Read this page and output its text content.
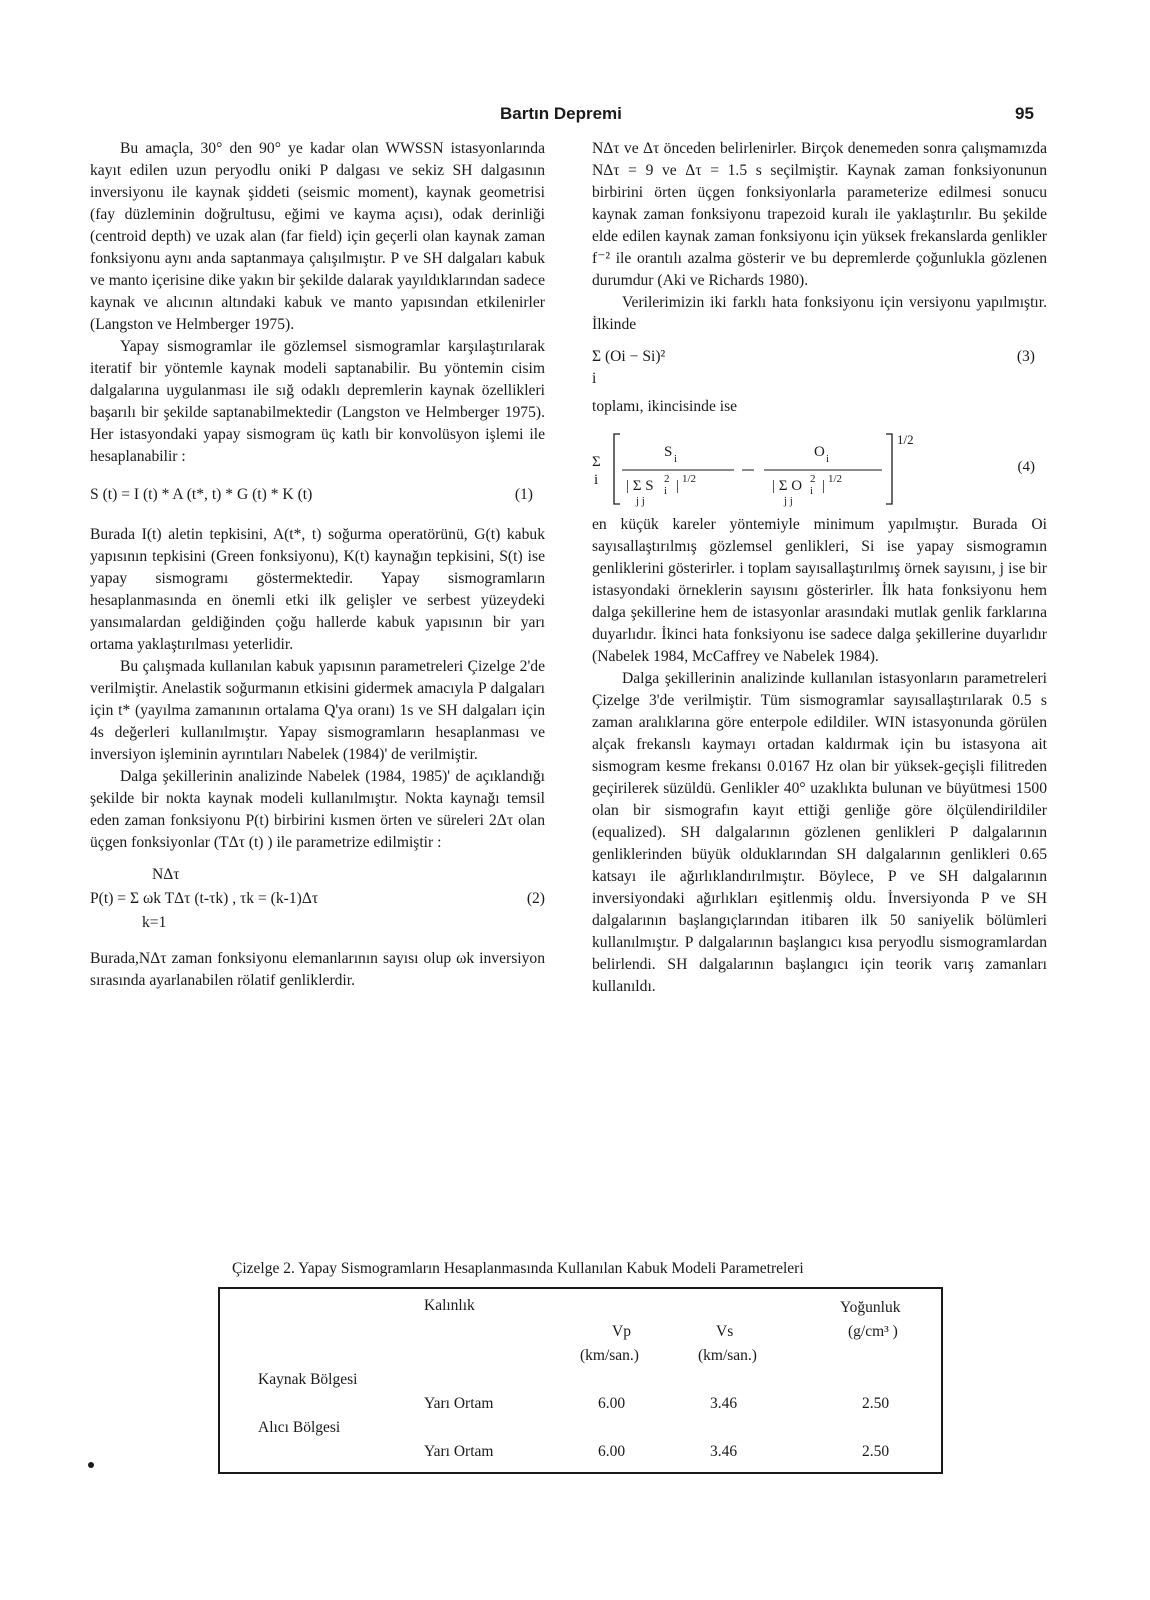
Bartın Depremi	95

Bu amaçla, 30° den 90° ye kadar olan WWSSN istasyonlarında kayıt edilen uzun peryodlu oniki P dalgası ve sekiz SH dalgasının inversiyonu ile kaynak şiddeti (seismic moment), kaynak geometrisi (fay düzleminin doğrultusu, eğimi ve kayma açısı), odak derinliği (centroid depth) ve uzak alan (far field) için geçerli olan kaynak zaman fonksiyonu aynı anda saptanmaya çalışılmıştır. P ve SH dalgaları kabuk ve manto içerisine dike yakın bir şekilde dalarak yayıldıklarından sadece kaynak ve alıcının altındaki kabuk ve manto yapısından etkilenirler (Langston ve Helmberger 1975).

Yapay sismogramlar ile gözlemsel sismogramlar karşılaştırılarak iteratif bir yöntemle kaynak modeli saptanabilir. Bu yöntemin cisim dalgalarına uygulanması ile sığ odaklı depremlerin kaynak özellikleri başarılı bir şekilde saptanabilmektedir (Langston ve Helmberger 1975). Her istasyondaki yapay sismogram üç katlı bir konvolüsyon işlemi ile hesaplanabilir :

S (t) = I (t) * A (t*, t) * G (t) * K (t)	(1)

Burada I(t) aletin tepkisini, A(t*, t) soğurma operatörünü, G(t) kabuk yapısının tepkisini (Green fonksiyonu), K(t) kaynağın tepkisini, S(t) ise yapay sismogramı göstermektedir. Yapay sismogramların hesaplanmasında en önemli etki ilk gelişler ve serbest yüzeydeki yansımalardan geldiğinden çoğu hallerde kabuk yapısının bir yarı ortama yaklaştırılması yeterlidir.

Bu çalışmada kullanılan kabuk yapısının parametreleri Çizelge 2'de verilmiştir. Anelastik soğurmanın etkisini gidermek amacıyla P dalgaları için t* (yayılma zamanının ortalama Q'ya oranı) 1s ve SH dalgaları için 4s değerleri kullanılmıştır. Yapay sismogramların hesaplanması ve inversiyon işleminin ayrıntıları Nabelek (1984)' de verilmiştir.

Dalga şekillerinin analizinde Nabelek (1984, 1985)' de açıklandığı şekilde bir nokta kaynak modeli kullanılmıştır. Nokta kaynağı temsil eden zaman fonksiyonu P(t) birbirini kısmen örten ve süreleri 2Δτ olan üçgen fonksiyonlar (TΔτ (t) ) ile parametrize edilmiştir :

NΔτ
P(t) = Σ ωk TΔτ (t-τk) , τk = (k-1)Δτ
k=1
(2)

Burada,NΔτ zaman fonksiyonu elemanlarının sayısı olup ωk inversiyon sırasında ayarlanabilen rölatif genliklerdir.

NΔτ ve Δτ önceden belirlenirler. Birçok denemeden sonra çalışmamızda NΔτ = 9 ve Δτ = 1.5 s seçilmiştir. Kaynak zaman fonksiyonunun birbirini örten üçgen fonksiyonlarla parameterize edilmesi sonucu kaynak zaman fonksiyonu trapezoid kuralı ile yaklaştırılır. Bu şekilde elde edilen kaynak zaman fonksiyonu için yüksek frekanslarda genlikler f⁻² ile orantılı azalma gösterir ve bu depremlerde çoğunlukla gözlenen durumdur (Aki ve Richards 1980).

Verilerimizin iki farklı hata fonksiyonu için versiyonu yapılmıştır. İlkinde

Σ (Oi − Si)²
i
(3)

toplamı, ikincisinde ise

Σ
i
S i	O i
| Σ S 2
i | 1/2
j j
| Σ O 2
i | 1/2
j j
1/2
(4)

en küçük kareler yöntemiyle minimum yapılmıştır. Burada Oi sayısallaştırılmış gözlemsel genlikleri, Si ise yapay sismogramın genliklerini gösterirler. i toplam sayısallaştırılmış örnek sayısını, j ise bir istasyondaki örneklerin sayısını gösterirler. İlk hata fonksiyonu hem dalga şekillerine hem de istasyonlar arasındaki mutlak genlik farklarına duyarlıdır. İkinci hata fonksiyonu ise sadece dalga şekillerine duyarlıdır (Nabelek 1984, McCaffrey ve Nabelek 1984).

Dalga şekillerinin analizinde kullanılan istasyonların parametreleri Çizelge 3'de verilmiştir. Tüm sismogramlar sayısallaştırılarak 0.5 s zaman aralıklarına göre enterpole edildiler. WIN istasyonunda görülen alçak frekanslı kaymayı ortadan kaldırmak için bu istasyona ait sismogram kesme frekansı 0.0167 Hz olan bir yüksek-geçişli filitreden geçirilerek süzüldü. Genlikler 40° uzaklıkta bulunan ve büyütmesi 1500 olan bir sismografın kayıt ettiği genliğe göre ölçülendirildiler (equalized). SH dalgalarının gözlenen genlikleri P dalgalarının genliklerinden büyük olduklarından SH dalgalarının genlikleri 0.65 katsayı ile ağırlıklandırılmıştır. Böylece, P ve SH dalgalarının inversiyondaki ağırlıkları eşitlenmiş oldu. İnversiyonda P ve SH dalgalarının başlangıçlarından itibaren ilk 50 saniyelik bölümleri kullanılmıştır. P dalgalarının başlangıcı kısa peryodlu sismogramlardan belirlendi. SH dalgalarının başlangıcı için teorik varış zamanları kullanıldı.

Çizelge 2. Yapay Sismogramların Hesaplanmasında Kullanılan Kabuk Modeli Parametreleri
Kalınlık
Vp	Vs
(km/san.)	(km/san.)
Yoğunluk
(g/cm³ )
Kaynak Bölgesi
Yarı Ortam	6.00	3.46	2.50
Alıcı Bölgesi
Yarı Ortam	6.00	3.46	2.50
